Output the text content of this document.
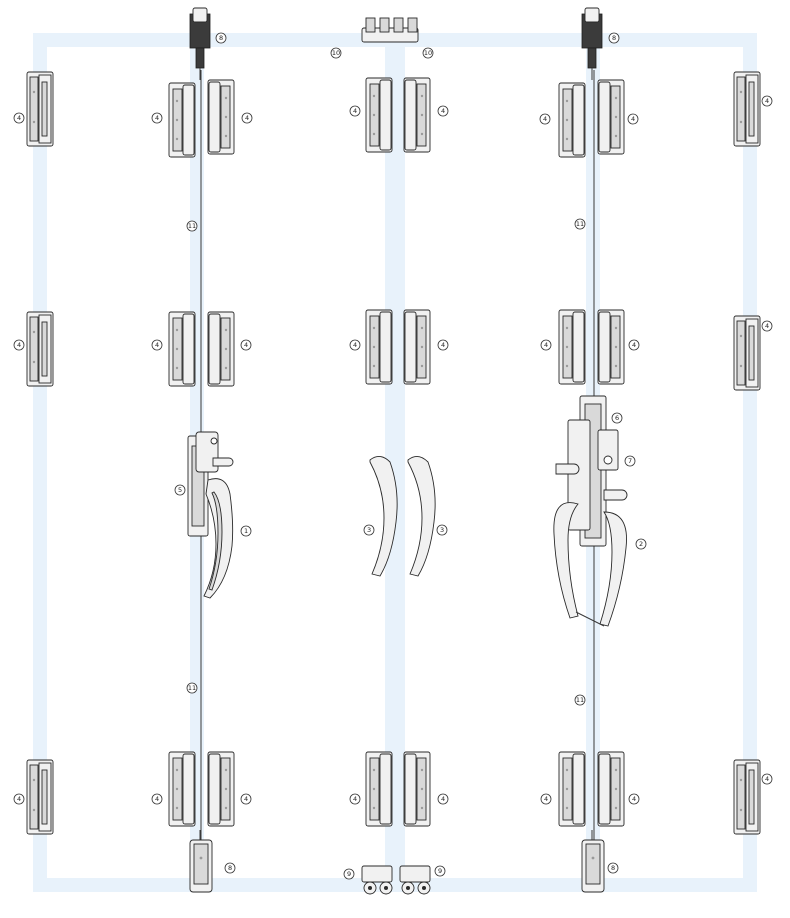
8	8
10	10
4	4	4
4	4
4	4
4
11	11
4	4	4	4	4	4	4
4
6
7
5
1	3	3
2
11
11
4	4	4	4	4	4	4
4
8	8
9	9
